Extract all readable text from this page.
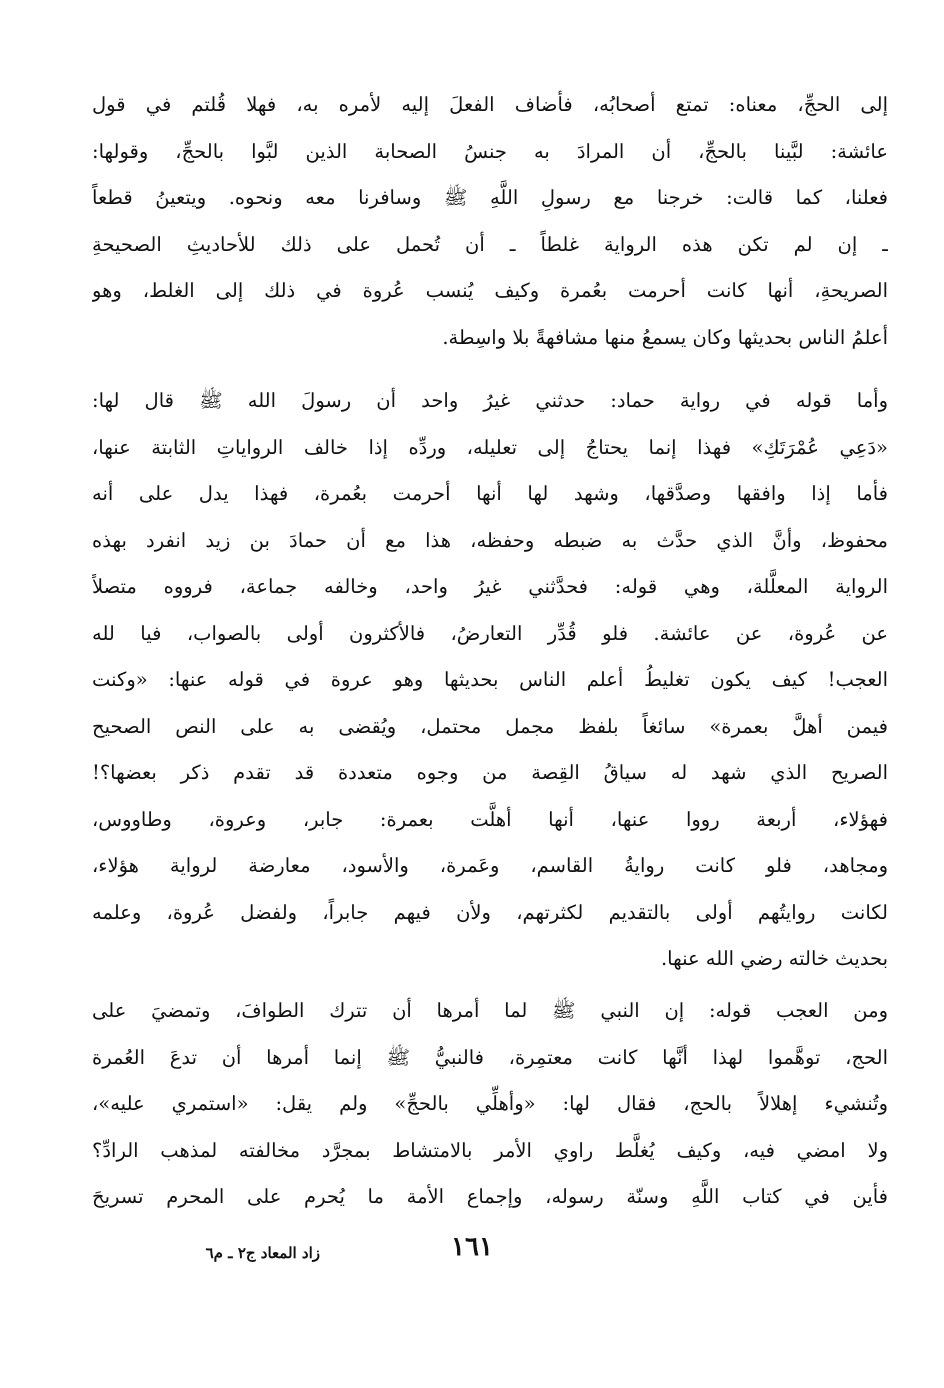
إلى الحجِّ، معناه: تمتع أصحابُه، فأضاف الفعلَ إليه لأمره به، فهلا قُلتم في قول
عائشة: لبَّينا بالحجِّ، أن المرادَ به جنسُ الصحابة الذين لبَّوا بالحجِّ، وقولها:
فعلنا، كما قالت: خرجنا مع رسولِ اللَّهِ ﷺ وسافرنا معه ونحوه. ويتعينُ قطعاً
ـ إن لم تكن هذه الرواية غلطاً ـ أن تُحمل على ذلك للأحاديثِ الصحيحةِ
الصريحةِ، أنها كانت أحرمت بعُمرة وكيف يُنسب عُروة في ذلك إلى الغلط، وهو
أعلمُ الناس بحديثها وكان يسمعُ منها مشافهةً بلا واسِطة.
وأما قوله في رواية حماد: حدثني غيرُ واحد أن رسولَ الله ﷺ قال لها:
«دَعِي عُمْرَتَكِ» فهذا إنما يحتاجُ إلى تعليله، وردِّه إذا خالف الرواياتِ الثابتة عنها،
فأما إذا وافقها وصدَّقها، وشهد لها أنها أحرمت بعُمرة، فهذا يدل على أنه
محفوظ، وأنَّ الذي حدَّث به ضبطه وحفظه، هذا مع أن حمادَ بن زيد انفرد بهذه
الرواية المعلَّلة، وهي قوله: فحدَّثني غيرُ واحد، وخالفه جماعة، فرووه متصلاً
عن عُروة، عن عائشة. فلو قُدِّر التعارضُ، فالأكثرون أولى بالصواب، فيا لله
العجب! كيف يكون تغليطُ أعلم الناس بحديثها وهو عروة في قوله عنها: «وكنت
فيمن أهلَّ بعمرة» سائغاً بلفظ مجمل محتمل، ويُقضى به على النص الصحيح
الصريح الذي شهد له سياقُ القِصة من وجوه متعددة قد تقدم ذكر بعضها؟!
فهؤلاء، أربعة رووا عنها، أنها أهلَّت بعمرة: جابر، وعروة، وطاووس،
ومجاهد، فلو كانت روايةُ القاسم، وعَمرة، والأسود، معارضة لرواية هؤلاء،
لكانت روايتُهم أولى بالتقديم لكثرتهم، ولأن فيهم جابراً، ولفضل عُروة، وعلمه
بحديث خالته رضي الله عنها.
ومن العجب قوله: إن النبي ﷺ لما أمرها أن تترك الطوافَ، وتمضيَ على
الحج، توهَّموا لهذا أنَّها كانت معتمِرة، فالنبيُّ ﷺ إنما أمرها أن تدعَ العُمرة
وتُنشيء إهلالاً بالحج، فقال لها: «وأهلِّي بالحجِّ» ولم يقل: «استمري عليه»،
ولا امضي فيه، وكيف يُغلَّط راوي الأمر بالامتشاط بمجرَّد مخالفته لمذهب الرادِّ؟
فأين في كتاب اللَّهِ وسنّة رسوله، وإجماع الأمة ما يُحرم على المحرم تسريحَ
١٦١
زاد المعاد ج٢ ـ م٦
